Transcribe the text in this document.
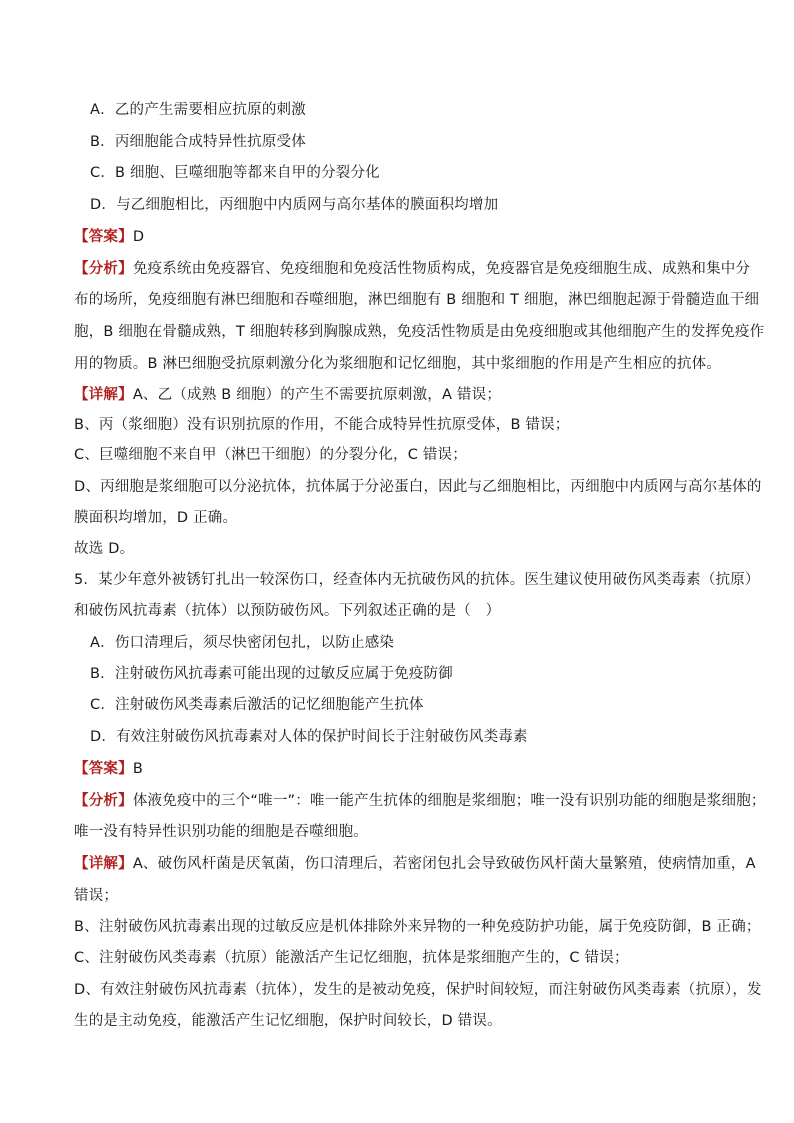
A．乙的产生需要相应抗原的刺激
B．丙细胞能合成特异性抗原受体
C．B 细胞、巨噬细胞等都来自甲的分裂分化
D．与乙细胞相比，丙细胞中内质网与高尔基体的膜面积均增加
【答案】D
【分析】免疫系统由免疫器官、免疫细胞和免疫活性物质构成，免疫器官是免疫细胞生成、成熟和集中分
布的场所，免疫细胞有淋巴细胞和吞噬细胞，淋巴细胞有 B 细胞和 T 细胞，淋巴细胞起源于骨髓造血干细
胞，B 细胞在骨髓成熟，T 细胞转移到胸腺成熟，免疫活性物质是由免疫细胞或其他细胞产生的发挥免疫作
用的物质。B 淋巴细胞受抗原刺激分化为浆细胞和记忆细胞，其中浆细胞的作用是产生相应的抗体。
【详解】A、乙（成熟 B 细胞）的产生不需要抗原刺激，A 错误；
B、丙（浆细胞）没有识别抗原的作用，不能合成特异性抗原受体，B 错误；
C、巨噬细胞不来自甲（淋巴干细胞）的分裂分化，C 错误；
D、丙细胞是浆细胞可以分泌抗体，抗体属于分泌蛋白，因此与乙细胞相比，丙细胞中内质网与高尔基体的
膜面积均增加，D 正确。
故选 D。
5．某少年意外被锈钉扎出一较深伤口，经查体内无抗破伤风的抗体。医生建议使用破伤风类毒素（抗原）
和破伤风抗毒素（抗体）以预防破伤风。下列叙述正确的是（　）
A．伤口清理后，须尽快密闭包扎，以防止感染
B．注射破伤风抗毒素可能出现的过敏反应属于免疫防御
C．注射破伤风类毒素后激活的记忆细胞能产生抗体
D．有效注射破伤风抗毒素对人体的保护时间长于注射破伤风类毒素
【答案】B
【分析】体液免疫中的三个“唯一”：唯一能产生抗体的细胞是浆细胞；唯一没有识别功能的细胞是浆细胞；
唯一没有特异性识别功能的细胞是吞噬细胞。
【详解】A、破伤风杆菌是厌氧菌，伤口清理后，若密闭包扎会导致破伤风杆菌大量繁殖，使病情加重，A
错误；
B、注射破伤风抗毒素出现的过敏反应是机体排除外来异物的一种免疫防护功能，属于免疫防御，B 正确；
C、注射破伤风类毒素（抗原）能激活产生记忆细胞，抗体是浆细胞产生的，C 错误；
D、有效注射破伤风抗毒素（抗体），发生的是被动免疫，保护时间较短，而注射破伤风类毒素（抗原），发
生的是主动免疫，能激活产生记忆细胞，保护时间较长，D 错误。
